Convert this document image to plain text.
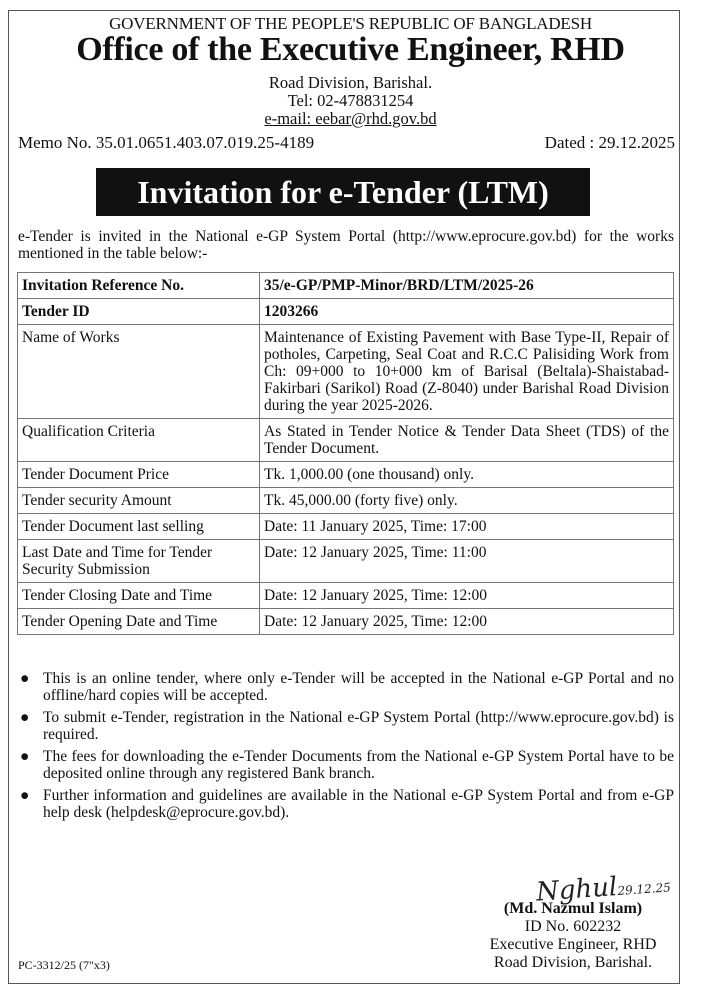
GOVERNMENT OF THE PEOPLE'S REPUBLIC OF BANGLADESH
Office of the Executive Engineer, RHD
Road Division, Barishal.
Tel: 02-478831254
e-mail: eebar@rhd.gov.bd
Memo No. 35.01.0651.403.07.019.25-4189	Dated : 29.12.2025
Invitation for e-Tender (LTM)
e-Tender is invited in the National e-GP System Portal (http://www.eprocure.gov.bd) for the works mentioned in the table below:-
Invitation Reference No.	35/e-GP/PMP-Minor/BRD/LTM/2025-26
Tender ID	1203266
Name of Works	Maintenance of Existing Pavement with Base Type-II, Repair of potholes, Carpeting, Seal Coat and R.C.C Palisiding Work from Ch: 09+000 to 10+000 km of Barisal (Beltala)-Shaistabad-Fakirbari (Sarikol) Road (Z-8040) under Barishal Road Division during the year 2025-2026.
Qualification Criteria	As Stated in Tender Notice & Tender Data Sheet (TDS) of the Tender Document.
Tender Document Price	Tk. 1,000.00 (one thousand) only.
Tender security Amount	Tk. 45,000.00 (forty five) only.
Tender Document last selling	Date: 11 January 2025, Time: 17:00
Last Date and Time for Tender Security Submission	Date: 12 January 2025, Time: 11:00
Tender Closing Date and Time	Date: 12 January 2025, Time: 12:00
Tender Opening Date and Time	Date: 12 January 2025, Time: 12:00
● This is an online tender, where only e-Tender will be accepted in the National e-GP Portal and no offline/hard copies will be accepted.
● To submit e-Tender, registration in the National e-GP System Portal (http://www.eprocure.gov.bd) is required.
● The fees for downloading the e-Tender Documents from the National e-GP System Portal have to be deposited online through any registered Bank branch.
● Further information and guidelines are available in the National e-GP System Portal and from e-GP help desk (helpdesk@eprocure.gov.bd).
Nghul29.12.25
(Md. Nazmul Islam)
ID No. 602232
Executive Engineer, RHD
Road Division, Barishal.
PC-3312/25 (7"x3)
